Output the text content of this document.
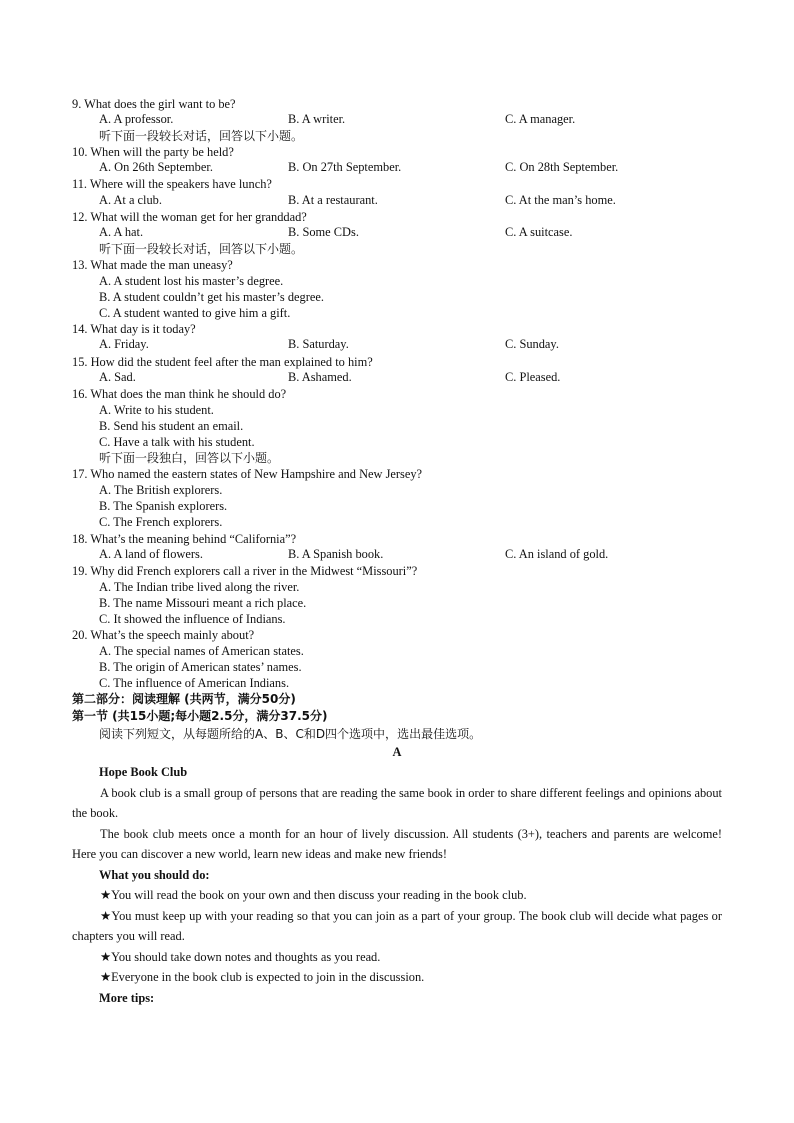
9. What does the girl want to be?
A. A professor.	B. A writer.	C. A manager.
听下面一段较长对话，回答以下小题。
10. When will the party be held?
A. On 26th September.	B. On 27th September.	C. On 28th September.
11. Where will the speakers have lunch?
A. At a club.	B. At a restaurant.	C. At the man’s home.
12. What will the woman get for her granddad?
A. A hat.	B. Some CDs.	C. A suitcase.
听下面一段较长对话，回答以下小题。
13. What made the man uneasy?
A. A student lost his master’s degree.
B. A student couldn’t get his master’s degree.
C. A student wanted to give him a gift.
14. What day is it today?
A. Friday.	B. Saturday.	C. Sunday.
15. How did the student feel after the man explained to him?
A. Sad.	B. Ashamed.	C. Pleased.
16. What does the man think he should do?
A. Write to his student.
B. Send his student an email.
C. Have a talk with his student.
听下面一段独白，回答以下小题。
17. Who named the eastern states of New Hampshire and New Jersey?
A. The British explorers.
B. The Spanish explorers.
C. The French explorers.
18. What’s the meaning behind “California”?
A. A land of flowers.	B. A Spanish book.	C. An island of gold.
19. Why did French explorers call a river in the Midwest “Missouri”?
A. The Indian tribe lived along the river.
B. The name Missouri meant a rich place.
C. It showed the influence of Indians.
20. What’s the speech mainly about?
A. The special names of American states.
B. The origin of American states’ names.
C. The influence of American Indians.
第二部分：阅读理解 (共两节，满分50分)
第一节 (共15小题;每小题2.5分，满分37.5分)
阅读下列短文，从每题所给的A、B、C和D四个选项中，选出最佳选项。
A
Hope Book Club
A book club is a small group of persons that are reading the same book in order to share different feelings and opinions about the book.
The book club meets once a month for an hour of lively discussion. All students (3+), teachers and parents are welcome! Here you can discover a new world, learn new ideas and make new friends!
What you should do:
★You will read the book on your own and then discuss your reading in the book club.
★You must keep up with your reading so that you can join as a part of your group. The book club will decide what pages or chapters you will read.
★You should take down notes and thoughts as you read.
★Everyone in the book club is expected to join in the discussion.
More tips:
